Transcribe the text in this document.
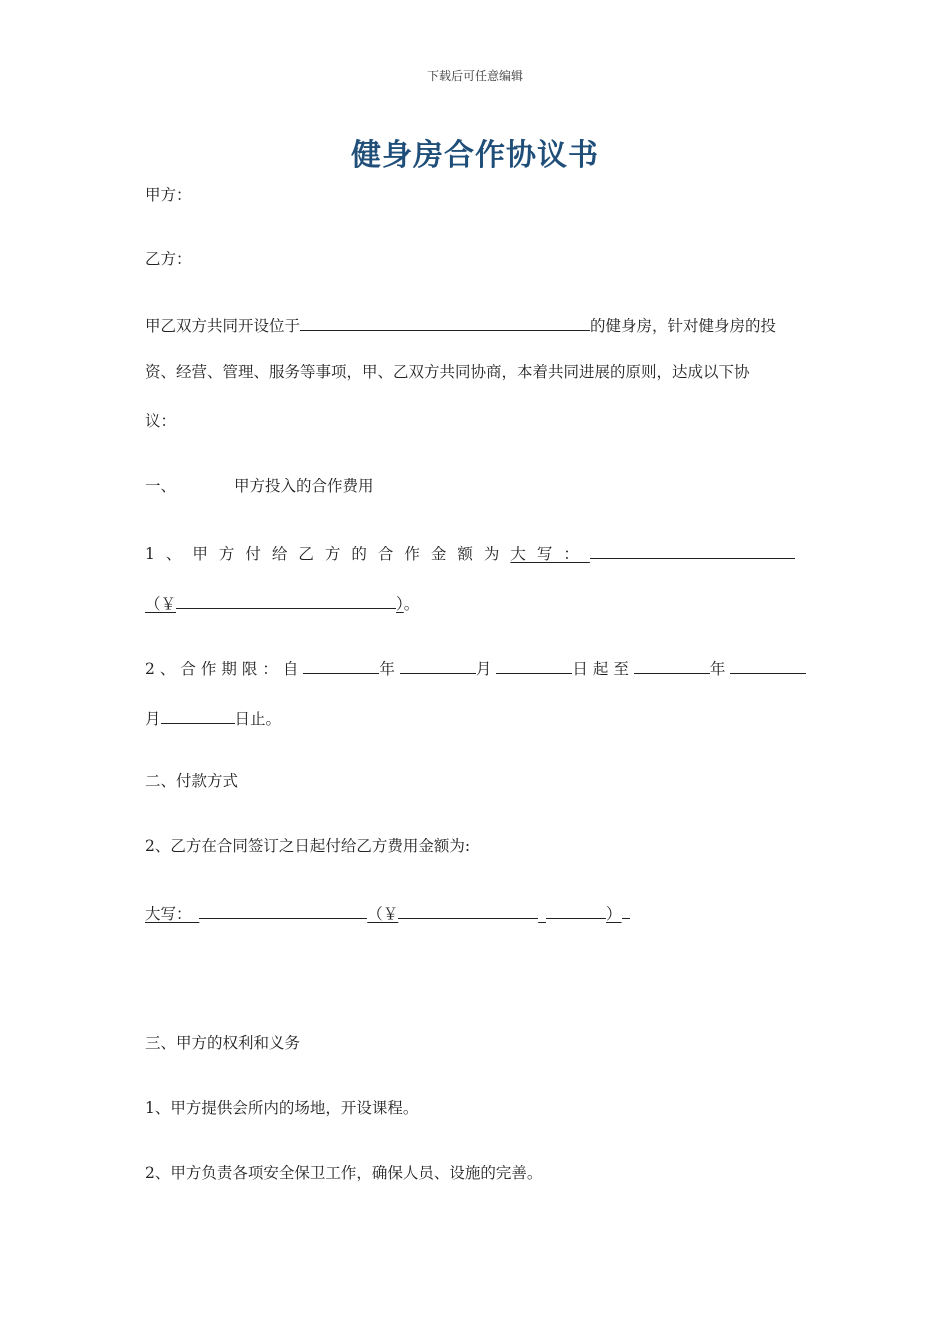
下载后可任意编辑
健身房合作协议书
甲方：
乙方：
甲乙双方共同开设位于	的健身房，针对健身房的投
资、经营、管理、服务等事项，甲、乙双方共同协商，本着共同进展的原则，达成以下协
议：
一、	甲方投入的合作费用
1、甲方付给乙方的合作金额为大写：
（￥	）。
2、合作期限：自	年	月	日起至	年
月	日止。
二、付款方式
2、乙方在合同签订之日起付给乙方费用金额为:
大写：_	（￥	_	）
三、甲方的权利和义务
1、甲方提供会所内的场地，开设课程。
2、甲方负责各项安全保卫工作，确保人员、设施的完善。
